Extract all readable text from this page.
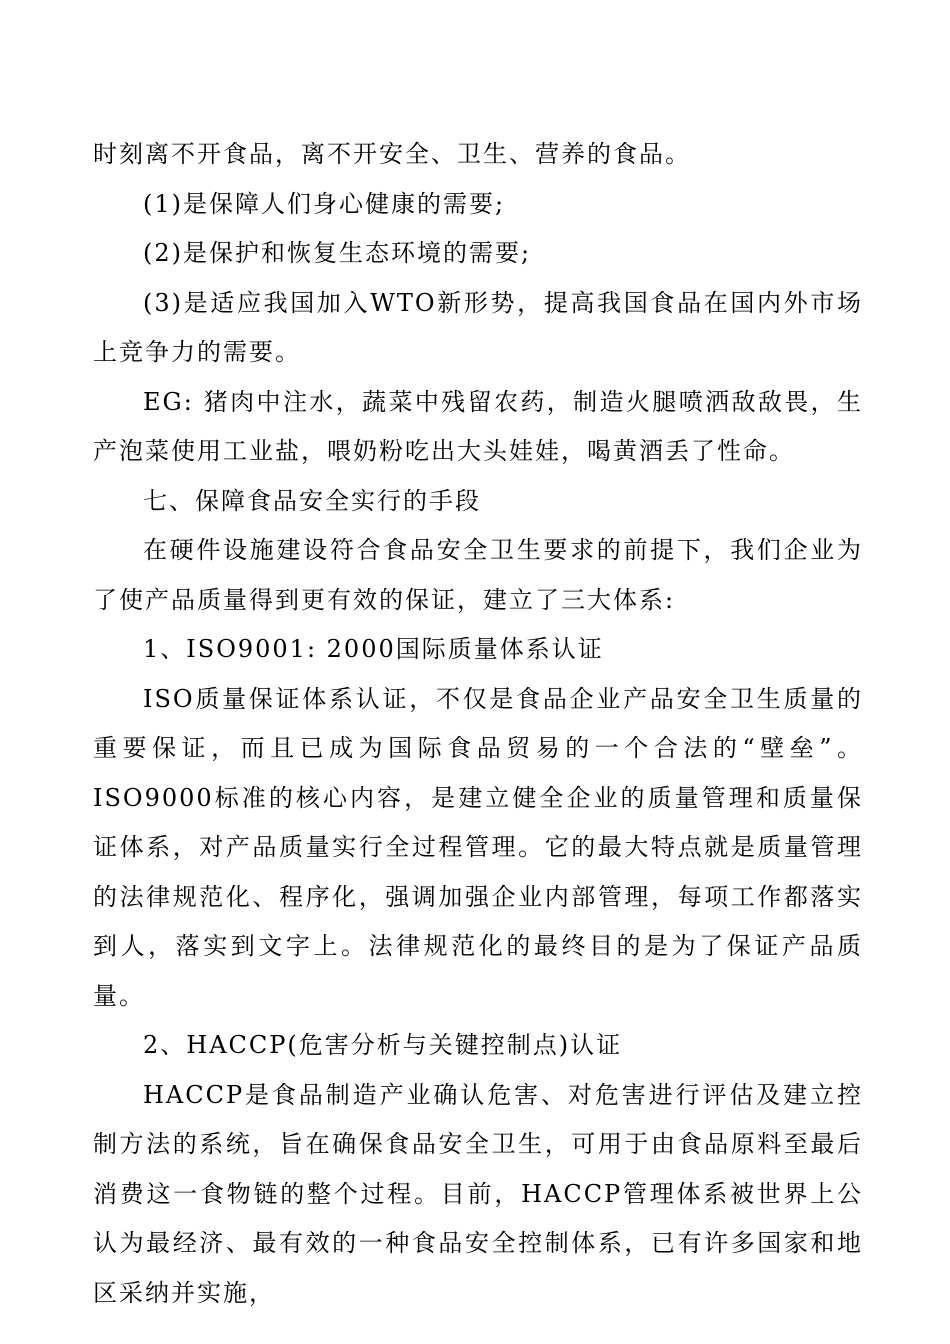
时刻离不开食品，离不开安全、卫生、营养的食品。

(1)是保障人们身心健康的需要;

(2)是保护和恢复生态环境的需要;

(3)是适应我国加入WTO新形势，提高我国食品在国内外市场上竞争力的需要。

EG: 猪肉中注水，蔬菜中残留农药，制造火腿喷洒敌敌畏，生产泡菜使用工业盐，喂奶粉吃出大头娃娃，喝黄酒丢了性命。

七、保障食品安全实行的手段

在硬件设施建设符合食品安全卫生要求的前提下，我们企业为了使产品质量得到更有效的保证，建立了三大体系:

1、ISO9001: 2000国际质量体系认证

ISO质量保证体系认证，不仅是食品企业产品安全卫生质量的重要保证，而且已成为国际食品贸易的一个合法的“壁垒”。ISO9000标准的核心内容，是建立健全企业的质量管理和质量保证体系，对产品质量实行全过程管理。它的最大特点就是质量管理的法律规范化、程序化，强调加强企业内部管理，每项工作都落实到人，落实到文字上。法律规范化的最终目的是为了保证产品质量。

2、HACCP(危害分析与关键控制点)认证

HACCP是食品制造产业确认危害、对危害进行评估及建立控制方法的系统，旨在确保食品安全卫生，可用于由食品原料至最后消费这一食物链的整个过程。目前，HACCP管理体系被世界上公认为最经济、最有效的一种食品安全控制体系，已有许多国家和地区采纳并实施，
